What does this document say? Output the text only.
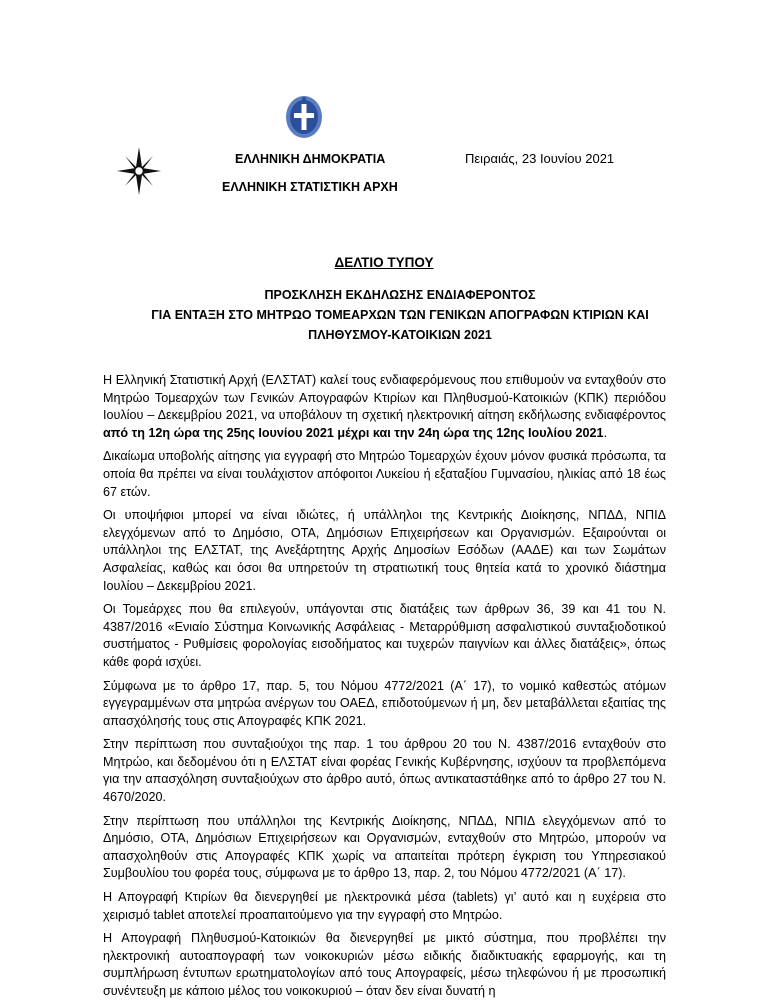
ΕΛΛΗΝΙΚΗ ΔΗΜΟΚΡΑΤΙΑ
ΕΛΛΗΝΙΚΗ ΣΤΑΤΙΣΤΙΚΗ ΑΡΧΗ
Πειραιάς, 23 Ιουνίου 2021
ΔΕΛΤΙΟ ΤΥΠΟΥ
ΠΡΟΣΚΛΗΣΗ ΕΚΔΗΛΩΣΗΣ ΕΝΔΙΑΦΕΡΟΝΤΟΣ
ΓΙΑ ΕΝΤΑΞΗ ΣΤΟ ΜΗΤΡΩΟ ΤΟΜΕΑΡΧΩΝ ΤΩΝ ΓΕΝΙΚΩΝ ΑΠΟΓΡΑΦΩΝ ΚΤΙΡΙΩΝ ΚΑΙ
ΠΛΗΘΥΣΜΟΥ-ΚΑΤΟΙΚΙΩΝ 2021

Η Ελληνική Στατιστική Αρχή (ΕΛΣΤΑΤ) καλεί τους ενδιαφερόμενους που επιθυμούν να ενταχθούν στο Μητρώο Τομεαρχών των Γενικών Απογραφών Κτιρίων και Πληθυσμού-Κατοικιών (ΚΠΚ) περιόδου Ιουλίου – Δεκεμβρίου 2021, να υποβάλουν τη σχετική ηλεκτρονική αίτηση εκδήλωσης ενδιαφέροντος από τη 12η ώρα της 25ης Ιουνίου 2021 μέχρι και την 24η ώρα της 12ης Ιουλίου 2021.

Δικαίωμα υποβολής αίτησης για εγγραφή στο Μητρώο Τομεαρχών έχουν μόνον φυσικά πρόσωπα, τα οποία θα πρέπει να είναι τουλάχιστον απόφοιτοι Λυκείου ή εξαταξίου Γυμνασίου, ηλικίας από 18 έως 67 ετών.

Οι υποψήφιοι μπορεί να είναι ιδιώτες, ή υπάλληλοι της Κεντρικής Διοίκησης, ΝΠΔΔ, ΝΠΙΔ ελεγχόμενων από το Δημόσιο, ΟΤΑ, Δημόσιων Επιχειρήσεων και Οργανισμών. Εξαιρούνται οι υπάλληλοι της ΕΛΣΤΑΤ, της Ανεξάρτητης Αρχής Δημοσίων Εσόδων (ΑΑΔΕ) και των Σωμάτων Ασφαλείας, καθώς και όσοι θα υπηρετούν τη στρατιωτική τους θητεία κατά το χρονικό διάστημα Ιουλίου – Δεκεμβρίου 2021.

Οι Τομεάρχες που θα επιλεγούν, υπάγονται στις διατάξεις των άρθρων 36, 39 και 41 του Ν. 4387/2016 «Ενιαίο Σύστημα Κοινωνικής Ασφάλειας - Μεταρρύθμιση ασφαλιστικού συνταξιοδοτικού συστήματος - Ρυθμίσεις φορολογίας εισοδήματος και τυχερών παιγνίων και άλλες διατάξεις», όπως κάθε φορά ισχύει.

Σύμφωνα με το άρθρο 17, παρ. 5, του Νόμου 4772/2021 (Α΄ 17), το νομικό καθεστώς ατόμων εγγεγραμμένων στα μητρώα ανέργων του ΟΑΕΔ, επιδοτούμενων ή μη, δεν μεταβάλλεται εξαιτίας της απασχόλησής τους στις Απογραφές ΚΠΚ 2021.

Στην περίπτωση που συνταξιούχοι της παρ. 1 του άρθρου 20 του Ν. 4387/2016 ενταχθούν στο Μητρώο, και δεδομένου ότι η ΕΛΣΤΑΤ είναι φορέας Γενικής Κυβέρνησης, ισχύουν τα προβλεπόμενα για την απασχόληση συνταξιούχων στο άρθρο αυτό, όπως αντικαταστάθηκε από το άρθρο 27 του Ν. 4670/2020.

Στην περίπτωση που υπάλληλοι της Κεντρικής Διοίκησης, ΝΠΔΔ, ΝΠΙΔ ελεγχόμενων από το Δημόσιο, ΟΤΑ, Δημόσιων Επιχειρήσεων και Οργανισμών, ενταχθούν στο Μητρώο, μπορούν να απασχοληθούν στις Απογραφές ΚΠΚ χωρίς να απαιτείται πρότερη έγκριση του Υπηρεσιακού Συμβουλίου του φορέα τους, σύμφωνα με το άρθρο 13, παρ. 2, του Νόμου 4772/2021 (Α΄ 17).

Η Απογραφή Κτιρίων θα διενεργηθεί με ηλεκτρονικά μέσα (tablets) γι’ αυτό και η ευχέρεια στο χειρισμό tablet αποτελεί προαπαιτούμενο για την εγγραφή στο Μητρώο.

Η Απογραφή Πληθυσμού-Κατοικιών θα διενεργηθεί με μικτό σύστημα, που προβλέπει την ηλεκτρονική αυτοαπογραφή των νοικοκυριών μέσω ειδικής διαδικτυακής εφαρμογής, και τη συμπλήρωση έντυπων ερωτηματολογίων από τους Απογραφείς, μέσω τηλεφώνου ή με προσωπική συνέντευξη με κάποιο μέλος του νοικοκυριού – όταν δεν είναι δυνατή η
